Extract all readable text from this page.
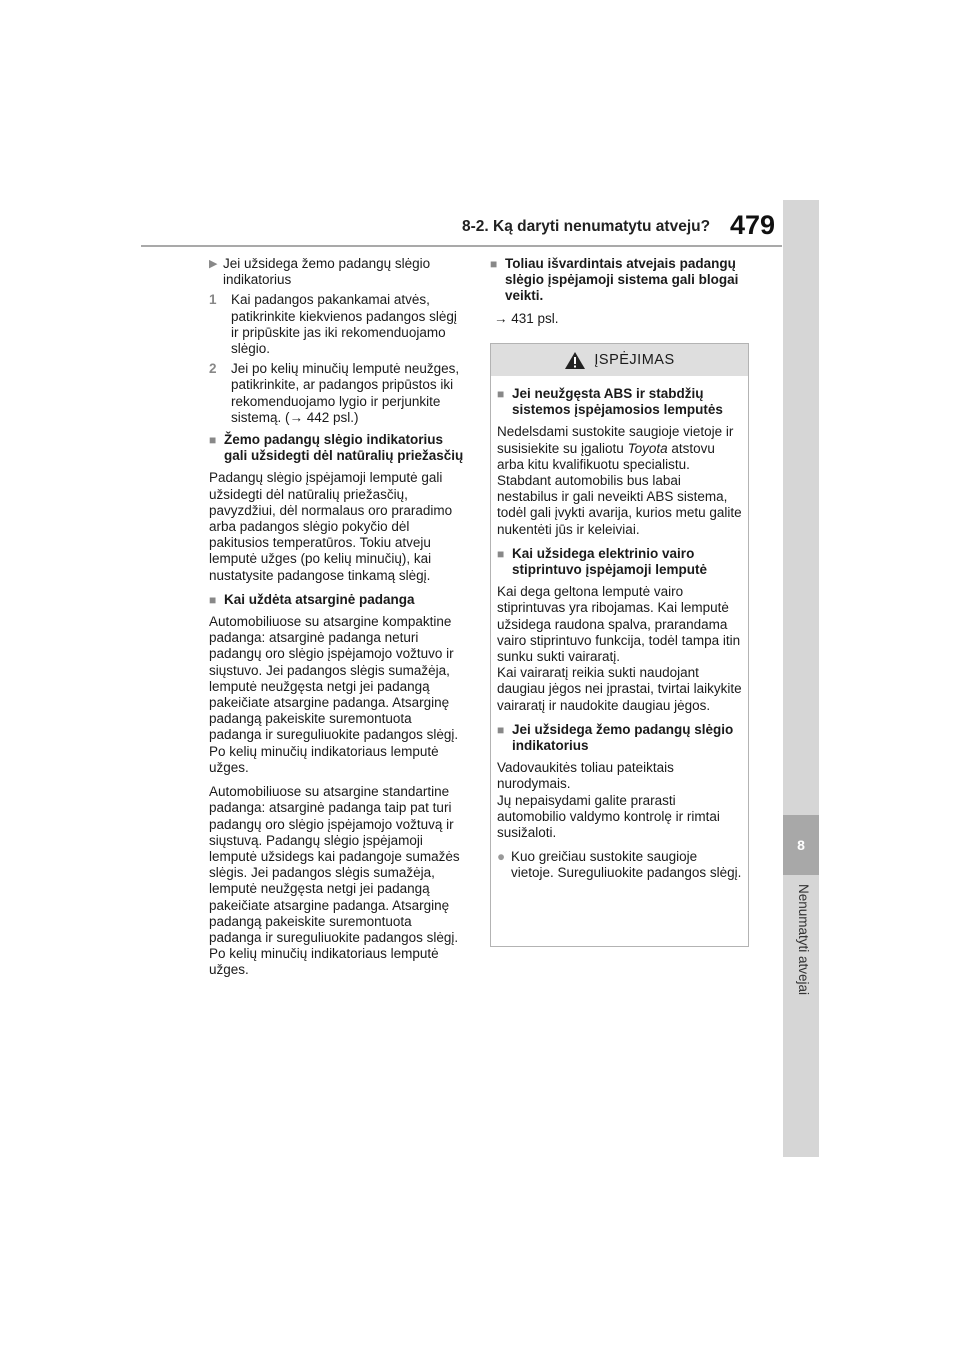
8-2. Ką daryti nenumatytu atveju? 479
8
Nenumatyti atvejai
▶ Jei užsidega žemo padangų slėgio indikatorius
1	Kai padangos pakankamai atvės, patikrinkite kiekvienos padangos slėgį ir pripūskite jas iki rekomenduojamo slėgio.
2	Jei po kelių minučių lemputė neužges, patikrinkite, ar padangos pripūstos iki rekomenduojamo lygio ir perjunkite sistemą. (→ 442 psl.)
■ Žemo padangų slėgio indikatorius gali užsidegti dėl natūralių priežasčių

Padangų slėgio įspėjamoji lemputė gali užsidegti dėl natūralių priežasčių, pavyzdžiui, dėl normalaus oro praradimo arba padangos slėgio pokyčio dėl pakitusios temperatūros. Tokiu atveju lemputė užges (po kelių minučių), kai nustatysite padangose tinkamą slėgį.

■ Kai uždėta atsarginė padanga

Automobiliuose su atsargine kompaktine padanga: atsarginė padanga neturi padangų oro slėgio įspėjamojo vožtuvo ir siųstuvo. Jei padangos slėgis sumažėja, lemputė neužgęsta netgi jei padangą pakeičiate atsargine padanga. Atsarginę padangą pakeiskite suremontuota padanga ir sureguliuokite padangos slėgį. Po kelių minučių indikatoriaus lemputė užges.

Automobiliuose su atsargine standartine padanga: atsarginė padanga taip pat turi padangų oro slėgio įspėjamojo vožtuvą ir siųstuvą. Padangų slėgio įspėjamoji lemputė užsidegs kai padangoje sumažės slėgis. Jei padangos slėgis sumažėja, lemputė neužgęsta netgi jei padangą pakeičiate atsargine padanga. Atsarginę padangą pakeiskite suremontuota padanga ir sureguliuokite padangos slėgį. Po kelių minučių indikatoriaus lemputė užges.

■ Toliau išvardintais atvejais padangų slėgio įspėjamoji sistema gali blogai veikti.
→ 431 psl.
ĮSPĖJIMAS
■ Jei neužgęsta ABS ir stabdžių sistemos įspėjamosios lemputės

Nedelsdami sustokite saugioje vietoje ir susisiekite su įgaliotu Toyota atstovu arba kitu kvalifikuotu specialistu.

Stabdant automobilis bus labai nestabilus ir gali neveikti ABS sistema, todėl gali įvykti avarija, kurios metu galite nukentėti jūs ir keleiviai.

■ Kai užsidega elektrinio vairo stiprintuvo įspėjamoji lemputė

Kai dega geltona lemputė vairo stiprintuvas yra ribojamas. Kai lemputė užsidega raudona spalva, prarandama vairo stiprintuvo funkcija, todėl tampa itin sunku sukti vairaratį.

Kai vairaratį reikia sukti naudojant daugiau jėgos nei įprastai, tvirtai laikykite vairaratį ir naudokite daugiau jėgos.

■ Jei užsidega žemo padangų slėgio indikatorius

Vadovaukitės toliau pateiktais nurodymais.

Jų nepaisydami galite prarasti automobilio valdymo kontrolę ir rimtai susižaloti.

● Kuo greičiau sustokite saugioje vietoje. Sureguliuokite padangos slėgį.
